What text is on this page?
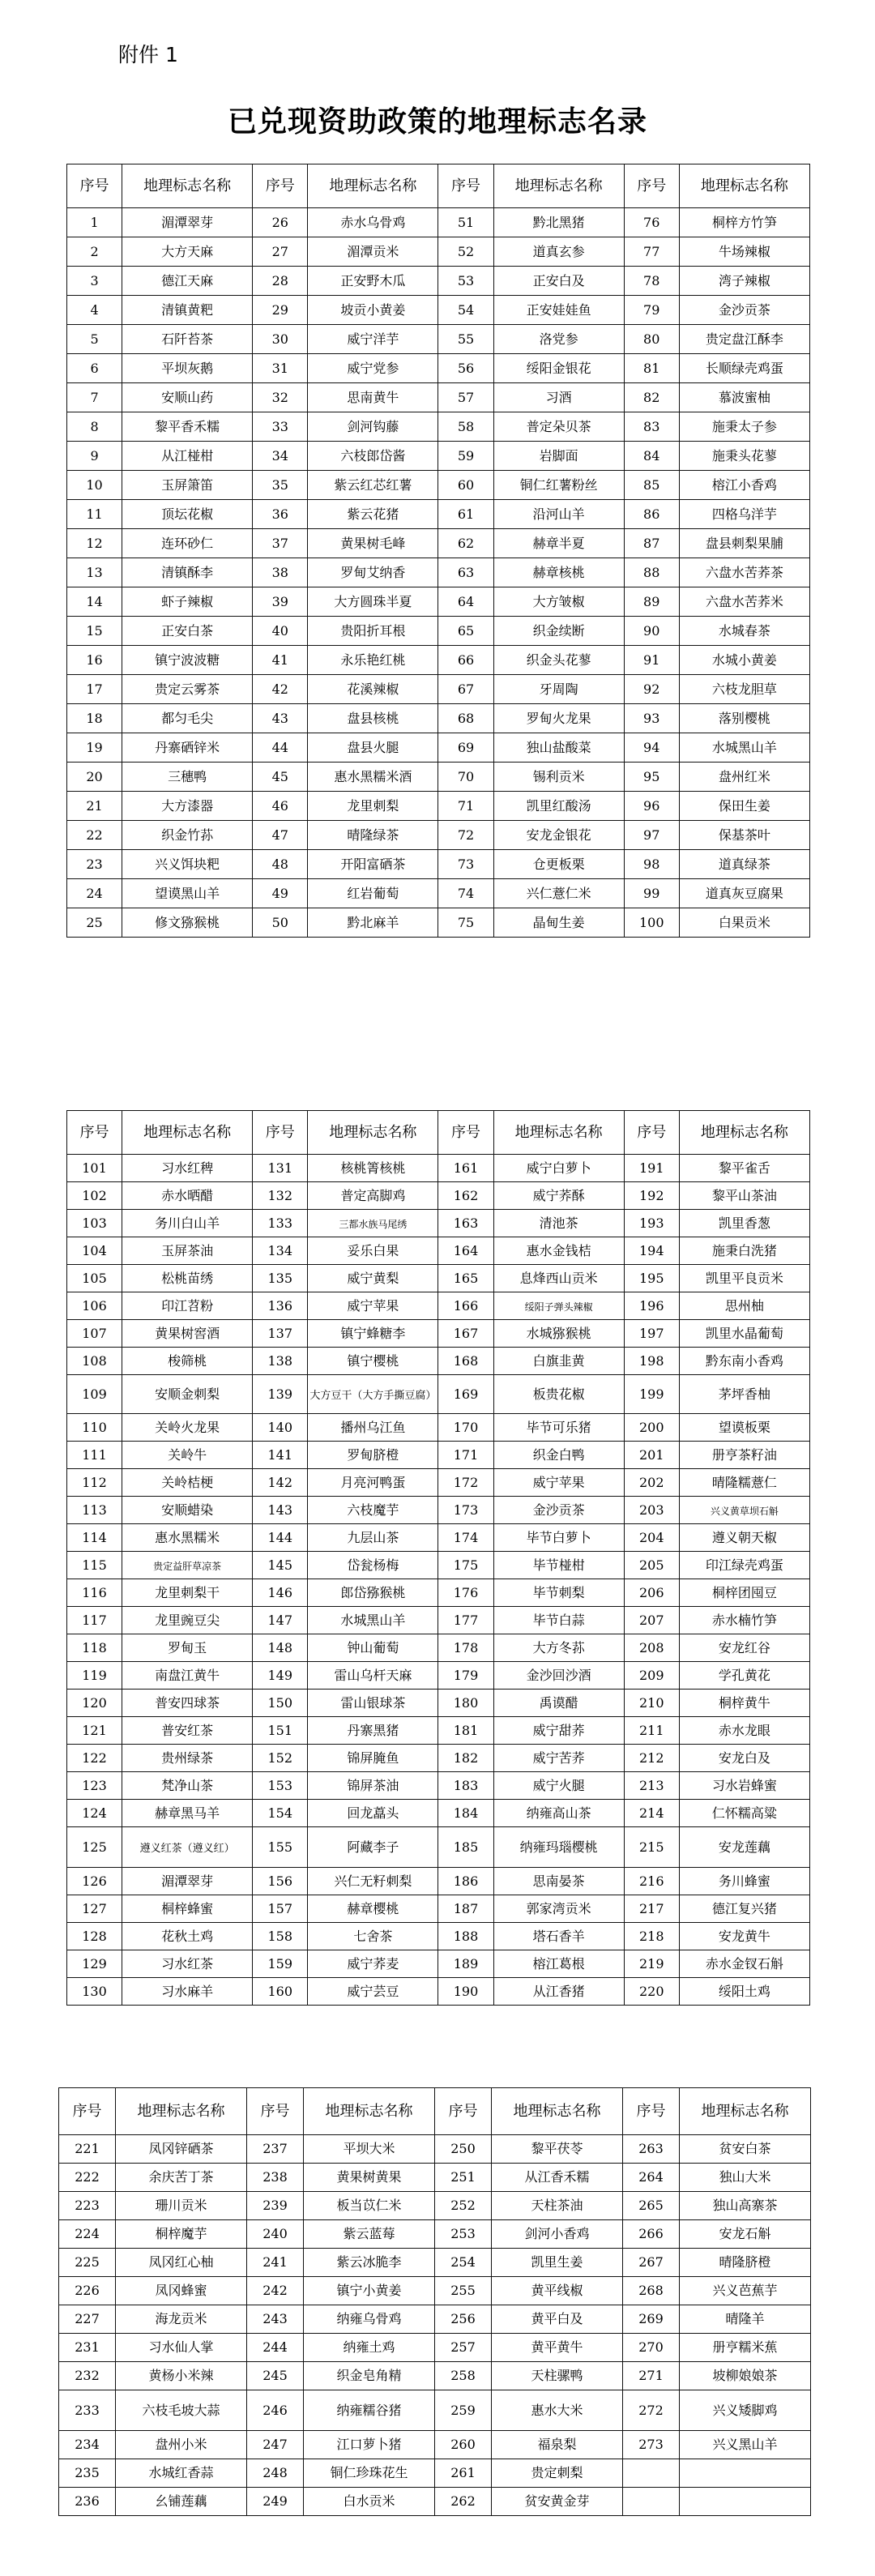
附件 1
已兑现资助政策的地理标志名录
序号	地理标志名称	序号	地理标志名称	序号	地理标志名称	序号	地理标志名称
1	湄潭翠芽	26	赤水乌骨鸡	51	黔北黑猪	76	桐梓方竹笋
2	大方天麻	27	湄潭贡米	52	道真玄参	77	牛场辣椒
3	德江天麻	28	正安野木瓜	53	正安白及	78	湾子辣椒
4	清镇黄粑	29	坡贡小黄姜	54	正安娃娃鱼	79	金沙贡茶
5	石阡苔茶	30	威宁洋芋	55	洛党参	80	贵定盘江酥李
6	平坝灰鹅	31	威宁党参	56	绥阳金银花	81	长顺绿壳鸡蛋
7	安顺山药	32	思南黄牛	57	习酒	82	慕波蜜柚
8	黎平香禾糯	33	剑河钩藤	58	普定朵贝茶	83	施秉太子参
9	从江椪柑	34	六枝郎岱酱	59	岩脚面	84	施秉头花蓼
10	玉屏箫笛	35	紫云红芯红薯	60	铜仁红薯粉丝	85	榕江小香鸡
11	顶坛花椒	36	紫云花猪	61	沿河山羊	86	四格乌洋芋
12	连环砂仁	37	黄果树毛峰	62	赫章半夏	87	盘县刺梨果脯
13	清镇酥李	38	罗甸艾纳香	63	赫章核桃	88	六盘水苦荞茶
14	虾子辣椒	39	大方圆珠半夏	64	大方皱椒	89	六盘水苦荞米
15	正安白茶	40	贵阳折耳根	65	织金续断	90	水城春茶
16	镇宁波波糖	41	永乐艳红桃	66	织金头花蓼	91	水城小黄姜
17	贵定云雾茶	42	花溪辣椒	67	牙周陶	92	六枝龙胆草
18	都匀毛尖	43	盘县核桃	68	罗甸火龙果	93	落别樱桃
19	丹寨硒锌米	44	盘县火腿	69	独山盐酸菜	94	水城黑山羊
20	三穗鸭	45	惠水黑糯米酒	70	锡利贡米	95	盘州红米
21	大方漆器	46	龙里刺梨	71	凯里红酸汤	96	保田生姜
22	织金竹荪	47	晴隆绿茶	72	安龙金银花	97	保基茶叶
23	兴义饵块粑	48	开阳富硒茶	73	仓更板栗	98	道真绿茶
24	望谟黑山羊	49	红岩葡萄	74	兴仁薏仁米	99	道真灰豆腐果
25	修文猕猴桃	50	黔北麻羊	75	晶甸生姜	100	白果贡米
序号	地理标志名称	序号	地理标志名称	序号	地理标志名称	序号	地理标志名称
101	习水红稗	131	核桃箐核桃	161	威宁白萝卜	191	黎平雀舌
102	赤水晒醋	132	普定高脚鸡	162	威宁荞酥	192	黎平山茶油
103	务川白山羊	133	三都水族马尾绣	163	清池茶	193	凯里香葱
104	玉屏茶油	134	妥乐白果	164	惠水金钱桔	194	施秉白洗猪
105	松桃苗绣	135	威宁黄梨	165	息烽西山贡米	195	凯里平良贡米
106	印江苕粉	136	威宁苹果	166	绥阳子弹头辣椒	196	思州柚
107	黄果树窖酒	137	镇宁蜂糖李	167	水城猕猴桃	197	凯里水晶葡萄
108	梭筛桃	138	镇宁樱桃	168	白旗韭黄	198	黔东南小香鸡
109	安顺金刺梨	139	大方豆干（大方手撕豆腐）	169	板贵花椒	199	茅坪香柚
110	关岭火龙果	140	播州乌江鱼	170	毕节可乐猪	200	望谟板栗
111	关岭牛	141	罗甸脐橙	171	织金白鸭	201	册亨茶籽油
112	关岭桔梗	142	月亮河鸭蛋	172	威宁苹果	202	晴隆糯薏仁
113	安顺蜡染	143	六枝魔芋	173	金沙贡茶	203	兴义黄草坝石斛
114	惠水黑糯米	144	九层山茶	174	毕节白萝卜	204	遵义朝天椒
115	贵定益肝草凉茶	145	岱瓮杨梅	175	毕节椪柑	205	印江绿壳鸡蛋
116	龙里刺梨干	146	郎岱猕猴桃	176	毕节刺梨	206	桐梓团囤豆
117	龙里豌豆尖	147	水城黑山羊	177	毕节白蒜	207	赤水楠竹笋
118	罗甸玉	148	钟山葡萄	178	大方冬荪	208	安龙红谷
119	南盘江黄牛	149	雷山乌杆天麻	179	金沙回沙酒	209	学孔黄花
120	普安四球茶	150	雷山银球茶	180	禹谟醋	210	桐梓黄牛
121	普安红茶	151	丹寨黑猪	181	威宁甜荞	211	赤水龙眼
122	贵州绿茶	152	锦屏腌鱼	182	威宁苦荞	212	安龙白及
123	梵净山茶	153	锦屏茶油	183	威宁火腿	213	习水岩蜂蜜
124	赫章黑马羊	154	回龙藠头	184	纳雍高山茶	214	仁怀糯高粱
125	遵义红茶（遵义红）	155	阿藏李子	185	纳雍玛瑙樱桃	215	安龙莲藕
126	湄潭翠芽	156	兴仁无籽刺梨	186	思南晏茶	216	务川蜂蜜
127	桐梓蜂蜜	157	赫章樱桃	187	郭家湾贡米	217	德江复兴猪
128	花秋土鸡	158	七舍茶	188	塔石香羊	218	安龙黄牛
129	习水红茶	159	威宁荞麦	189	榕江葛根	219	赤水金钗石斛
130	习水麻羊	160	威宁芸豆	190	从江香猪	220	绥阳土鸡
序号	地理标志名称	序号	地理标志名称	序号	地理标志名称	序号	地理标志名称
221	凤冈锌硒茶	237	平坝大米	250	黎平茯苓	263	贫安白茶
222	余庆苦丁茶	238	黄果树黄果	251	从江香禾糯	264	独山大米
223	珊川贡米	239	板当苡仁米	252	天柱茶油	265	独山高寨茶
224	桐梓魔芋	240	紫云蓝莓	253	剑河小香鸡	266	安龙石斛
225	凤冈红心柚	241	紫云冰脆李	254	凯里生姜	267	晴隆脐橙
226	凤冈蜂蜜	242	镇宁小黄姜	255	黄平线椒	268	兴义芭蕉芋
227	海龙贡米	243	纳雍乌骨鸡	256	黄平白及	269	晴隆羊
231	习水仙人掌	244	纳雍土鸡	257	黄平黄牛	270	册亨糯米蕉
232	黄杨小米辣	245	织金皂角精	258	天柱骡鸭	271	坡柳娘娘茶
233	六枝毛坡大蒜	246	纳雍糯谷猪	259	惠水大米	272	兴义矮脚鸡
234	盘州小米	247	江口萝卜猪	260	福泉梨	273	兴义黑山羊
235	水城红香蒜	248	铜仁珍珠花生	261	贵定刺梨		
236	幺铺莲藕	249	白水贡米	262	贫安黄金芽		
